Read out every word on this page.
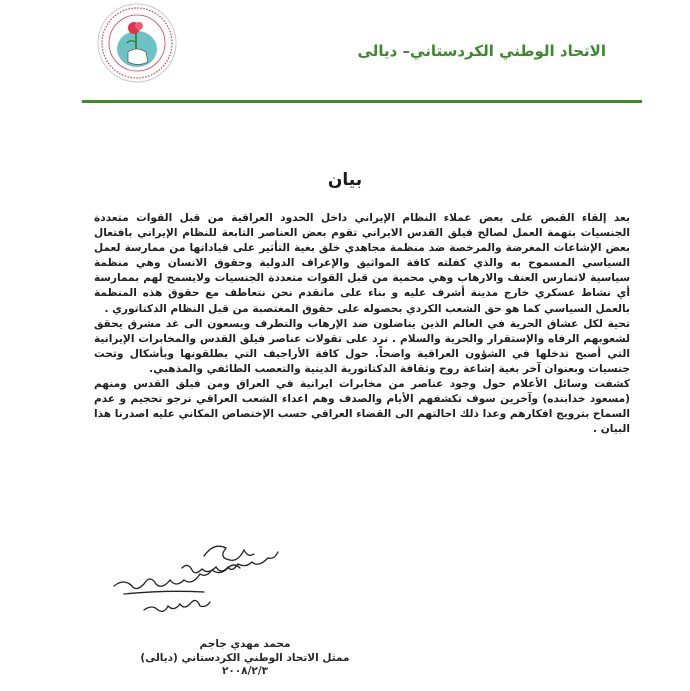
الاتحاد الوطني الكردستاني– ديالى
بيان

بعد إلقاء القبض على بعض عملاء النظام الإيراني داخل الحدود العراقية من قبل القوات متعددة الجنسيات بتهمة العمل لصالح فيلق القدس الايراني تقوم بعض العناصر التابعة للنظام الإيراني بافتعال بعض الإشاعات المغرضة والمرخصة ضد منظمة مجاهدي خلق بغية التأثير على قياداتها من ممارسة لعمل السياسي المسموح به والذي كفلته كافة المواثيق والإعراف الدولية وحقوق الانسان وهي منظمة سياسية لاتمارس العنف والارهاب وهي محمية من قبل القوات متعددة الجنسيات ولايسمح لهم بممارسة أي نشاط عسكري خارج مدينة أشرف عليه و بناء على ماتقدم نحن نتعاطف مع حقوق هذه المنظمة بالعمل السياسي كما هو حق الشعب الكردي بحصوله على حقوق المغتصبة من قبل النظام الدكتاتوري .

تحية لكل عشاق الحرية في العالم الذين يناضلون ضد الإرهاب والتطرف ويسعون الى غد مشرق يحقق لشعوبهم الرفاه والإستقرار والحرية والسلام . نرد على تقولات عناصر فيلق القدس والمخابرات الإيرانية التي أصبح تدخلها في الشؤون العراقية واضحاً. حول كافة الأراجيف التي يطلقونها وبأشكال وتحت جنسيات وبعنوان آخر بغية إشاعة روح وثقافة الدكتاتورية الدينية والتعصب الطائفي والمذهبي.

كشفت وسائل الأعلام حول وجود عناصر من مخابرات ايرانية في العراق ومن فيلق القدس ومنهم (مسعود خدابنده) وآخرين سوف تكشفهم الأيام والصدف وهم اعداء الشعب العراقي نرجو تحجيم و عدم السماح بترويج افكارهم وعدا ذلك احالتهم الى القضاء العراقي حسب الإختصاص المكاني عليه اصدرنا هذا البيان .

محمد مهدي جاجم
ممثل الاتحاد الوطني الكردستاني (ديالى)
٢٠٠٨/٢/٣
